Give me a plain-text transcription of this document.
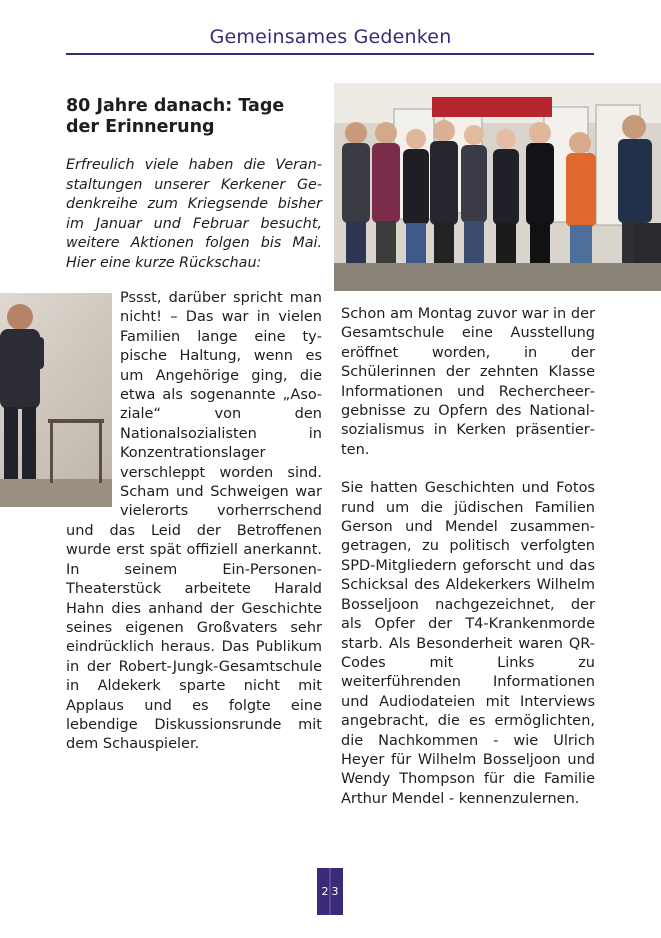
Gemeinsames Gedenken
80 Jahre danach: Tage der Erinnerung

Erfreulich viele haben die Veranstaltungen unserer Kerkener Gedenkreihe zum Kriegsende bisher im Januar und Februar besucht, weitere Aktionen folgen bis Mai. Hier eine kurze Rückschau:

Pssst, darüber spricht man nicht! – Das war in vielen Familien lange eine typische Haltung, wenn es um Angehörige ging, die etwa als sogenannte „Asoziale“ von den Nationalsozialisten in Konzentrationslager verschleppt worden sind. Scham und Schweigen war vielerorts vorherrschend und das Leid der Betroffenen wurde erst spät offiziell anerkannt. In seinem Ein-Personen-Theaterstück arbeitete Harald Hahn dies anhand der Geschichte seines eigenen Großvaters sehr eindrücklich heraus. Das Publikum in der Robert-Jungk-Gesamtschule in Aldekerk sparte nicht mit Applaus und es folgte eine lebendige Diskussionsrunde mit dem Schauspieler.

Schon am Montag zuvor war in der Gesamtschule eine Ausstellung eröffnet worden, in der Schülerinnen der zehnten Klasse Informationen und Rechercheergebnisse zu Opfern des Nationalsozialismus in Kerken präsentierten.

Sie hatten Geschichten und Fotos rund um die jüdischen Familien Gerson und Mendel zusammengetragen, zu politisch verfolgten SPD-Mitgliedern geforscht und das Schicksal des Aldekerkers Wilhelm Bosseljoon nachgezeichnet, der als Opfer der T4-Krankenmorde starb. Als Besonderheit waren QR-Codes mit Links zu weiterführenden Informationen und Audiodateien mit Interviews angebracht, die es ermöglichten, die Nachkommen - wie Ulrich Heyer für Wilhelm Bosseljoon und Wendy Thompson für die Familie Arthur Mendel - kennenzulernen.

2 3
